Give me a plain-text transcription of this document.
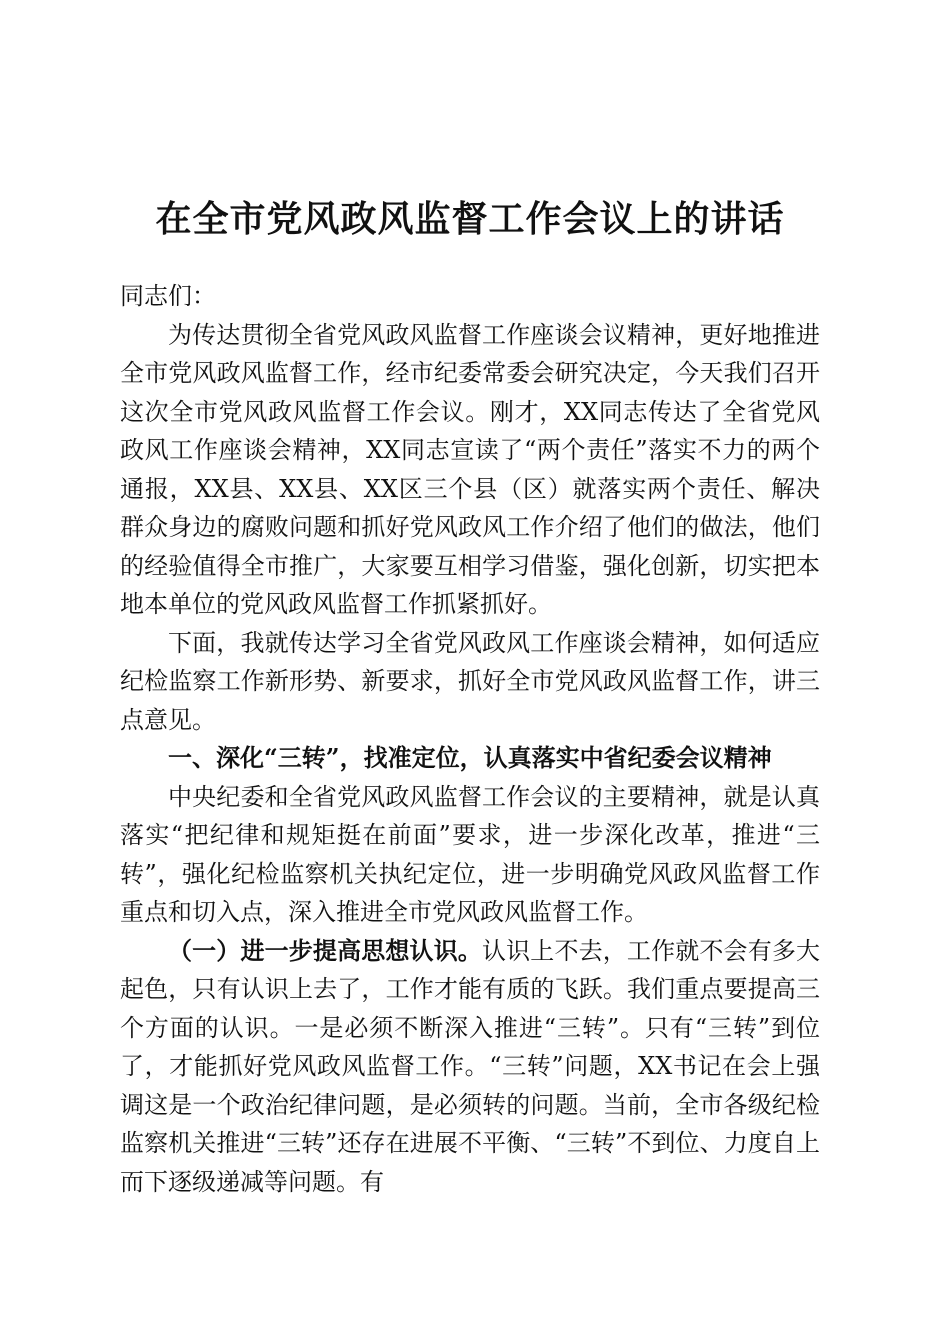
在全市党风政风监督工作会议上的讲话

同志们：

为传达贯彻全省党风政风监督工作座谈会议精神，更好地推进全市党风政风监督工作，经市纪委常委会研究决定，今天我们召开这次全市党风政风监督工作会议。刚才，XX同志传达了全省党风政风工作座谈会精神，XX同志宣读了“两个责任”落实不力的两个通报，XX县、XX县、XX区三个县（区）就落实两个责任、解决群众身边的腐败问题和抓好党风政风工作介绍了他们的做法，他们的经验值得全市推广，大家要互相学习借鉴，强化创新，切实把本地本单位的党风政风监督工作抓紧抓好。

下面，我就传达学习全省党风政风工作座谈会精神，如何适应纪检监察工作新形势、新要求，抓好全市党风政风监督工作，讲三点意见。

一、深化“三转”，找准定位，认真落实中省纪委会议精神

中央纪委和全省党风政风监督工作会议的主要精神，就是认真落实“把纪律和规矩挺在前面”要求，进一步深化改革，推进“三转”，强化纪检监察机关执纪定位，进一步明确党风政风监督工作重点和切入点，深入推进全市党风政风监督工作。

（一）进一步提高思想认识。认识上不去，工作就不会有多大起色，只有认识上去了，工作才能有质的飞跃。我们重点要提高三个方面的认识。一是必须不断深入推进“三转”。只有“三转”到位了，才能抓好党风政风监督工作。“三转”问题，XX书记在会上强调这是一个政治纪律问题，是必须转的问题。当前，全市各级纪检监察机关推进“三转”还存在进展不平衡、“三转”不到位、力度自上而下逐级递减等问题。有
